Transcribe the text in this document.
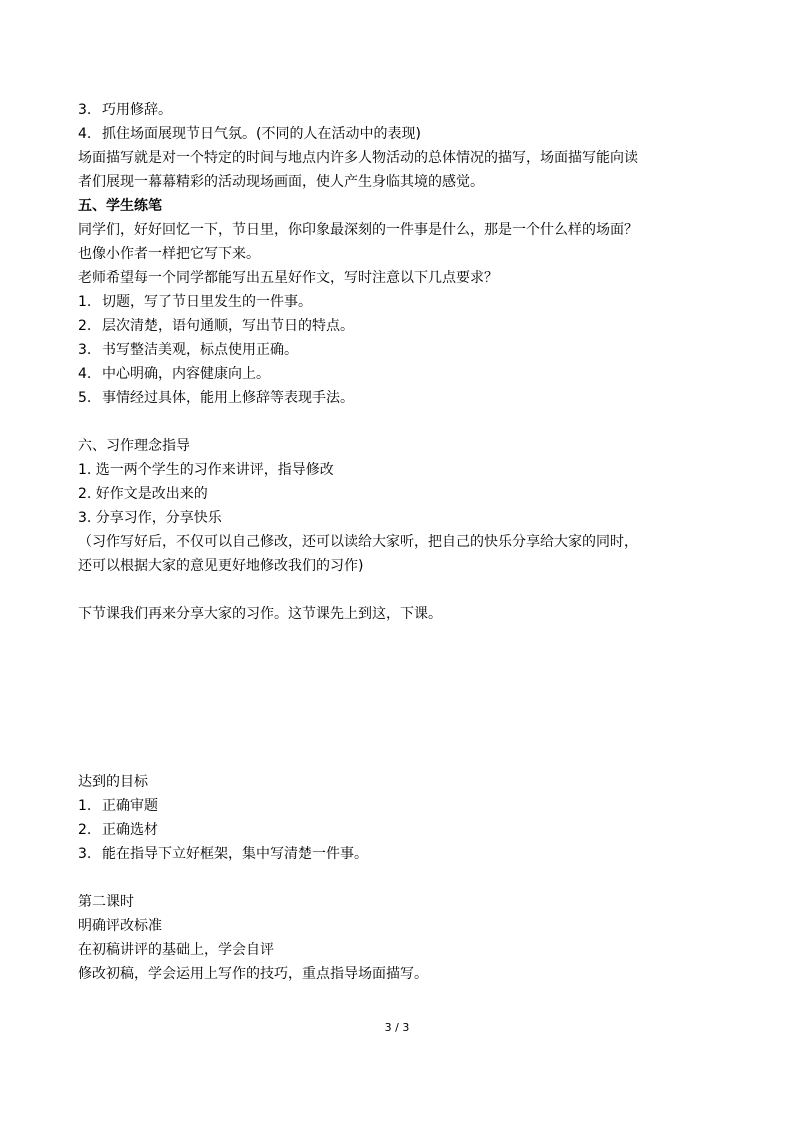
3. 巧用修辞。
4. 抓住场面展现节日气氛。(不同的人在活动中的表现)
场面描写就是对一个特定的时间与地点内许多人物活动的总体情况的描写，场面描写能向读
者们展现一幕幕精彩的活动现场画面，使人产生身临其境的感觉。
五、学生练笔
同学们，好好回忆一下，节日里，你印象最深刻的一件事是什么，那是一个什么样的场面？
也像小作者一样把它写下来。
老师希望每一个同学都能写出五星好作文，写时注意以下几点要求？
1. 切题，写了节日里发生的一件事。
2. 层次清楚，语句通顺，写出节日的特点。
3. 书写整洁美观，标点使用正确。
4. 中心明确，内容健康向上。
5. 事情经过具体，能用上修辞等表现手法。
六、习作理念指导
1. 选一两个学生的习作来讲评，指导修改
2. 好作文是改出来的
3. 分享习作，分享快乐
（习作写好后，不仅可以自己修改，还可以读给大家听，把自己的快乐分享给大家的同时，
还可以根据大家的意见更好地修改我们的习作)
下节课我们再来分享大家的习作。这节课先上到这，下课。
达到的目标
1. 正确审题
2. 正确选材
3. 能在指导下立好框架，集中写清楚一件事。
第二课时
明确评改标准
在初稿讲评的基础上，学会自评
修改初稿，学会运用上写作的技巧，重点指导场面描写。
3 / 3
